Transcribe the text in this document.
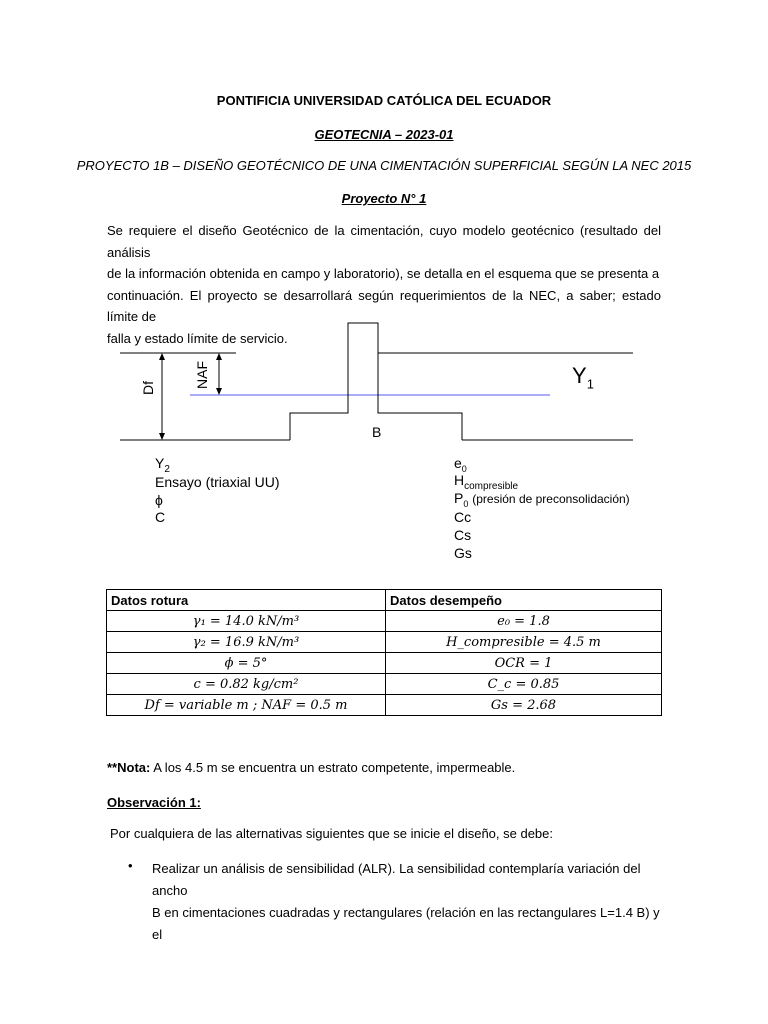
PONTIFICIA UNIVERSIDAD CATÓLICA DEL ECUADOR
GEOTECNIA – 2023-01
PROYECTO 1B – DISEÑO GEOTÉCNICO DE UNA CIMENTACIÓN SUPERFICIAL SEGÚN LA NEC 2015
Proyecto N° 1
Se requiere el diseño Geotécnico de la cimentación, cuyo modelo geotécnico (resultado del análisis
de la información obtenida en campo y laboratorio), se detalla en el esquema que se presenta a
continuación. El proyecto se desarrollará según requerimientos de la NEC, a saber; estado límite de
falla y estado límite de servicio.
Df	NAF	$Y_1$
B
$Y_2$
Ensayo (triaxial UU)
ϕ
C
$e_0$
$H_{compresible}$
$P_0$ (presión de preconsolidación)
Cc
Cs
Gs
Datos rotura	Datos desempeño
γ₁ = 14.0 kN/m³	e₀ = 1.8
γ₂ = 16.9 kN/m³	H_compresible = 4.5 m
ϕ = 5°	OCR = 1
c = 0.82 kg/cm²	C_c = 0.85
Df = variable m ; NAF = 0.5 m	Gs = 2.68
**Nota: A los 4.5 m se encuentra un estrato competente, impermeable.
Observación 1:
Por cualquiera de las alternativas siguientes que se inicie el diseño, se debe:
• Realizar un análisis de sensibilidad (ALR). La sensibilidad contemplaría variación del ancho
B en cimentaciones cuadradas y rectangulares (relación en las rectangulares L=1.4 B) y el
